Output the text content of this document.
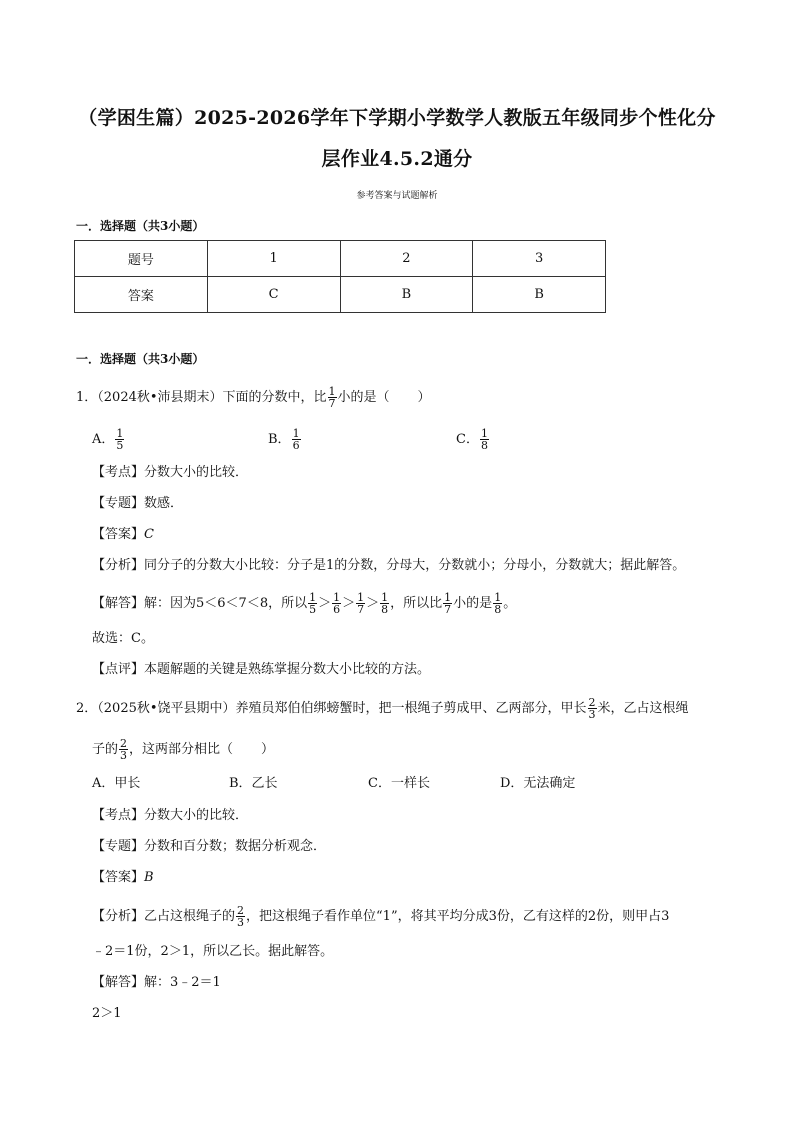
（学困生篇）2025-2026学年下学期小学数学人教版五年级同步个性化分
层作业4.5.2通分
参考答案与试题解析
一．选择题（共3小题）
题号	1	2	3
答案	C	B	B
一．选择题（共3小题）
1．（2024秋•沛县期末）下面的分数中，比 $\frac{1}{7}$ 小的是（ ）
A． $\frac{1}{5}$	B． $\frac{1}{6}$	C． $\frac{1}{8}$
【考点】分数大小的比较．
【专题】数感．
【答案】C
【分析】同分子的分数大小比较：分子是1的分数，分母大，分数就小；分母小，分数就大；据此解答。
【解答】解：因为5＜6＜7＜8，所以 $\frac{1}{5} > \frac{1}{6} > \frac{1}{7} > \frac{1}{8}$ ，所以比 $\frac{1}{7}$ 小的是 $\frac{1}{8}$ 。
故选：C。
【点评】本题解题的关键是熟练掌握分数大小比较的方法。
2．（2025秋•饶平县期中）养殖员郑伯伯绑螃蟹时，把一根绳子剪成甲、乙两部分，甲长 $\frac{2}{3}$ 米，乙占这根绳
子的 $\frac{2}{3}$ ，这两部分相比（ ）
A．甲长	B．乙长	C．一样长	D．无法确定
【考点】分数大小的比较．
【专题】分数和百分数；数据分析观念．
【答案】B
【分析】乙占这根绳子的 $\frac{2}{3}$ ，把这根绳子看作单位“1”，将其平均分成3份，乙有这样的2份，则甲占3
﹣2＝1份，2＞1，所以乙长。据此解答。
【解答】解：3﹣2＝1
2＞1
